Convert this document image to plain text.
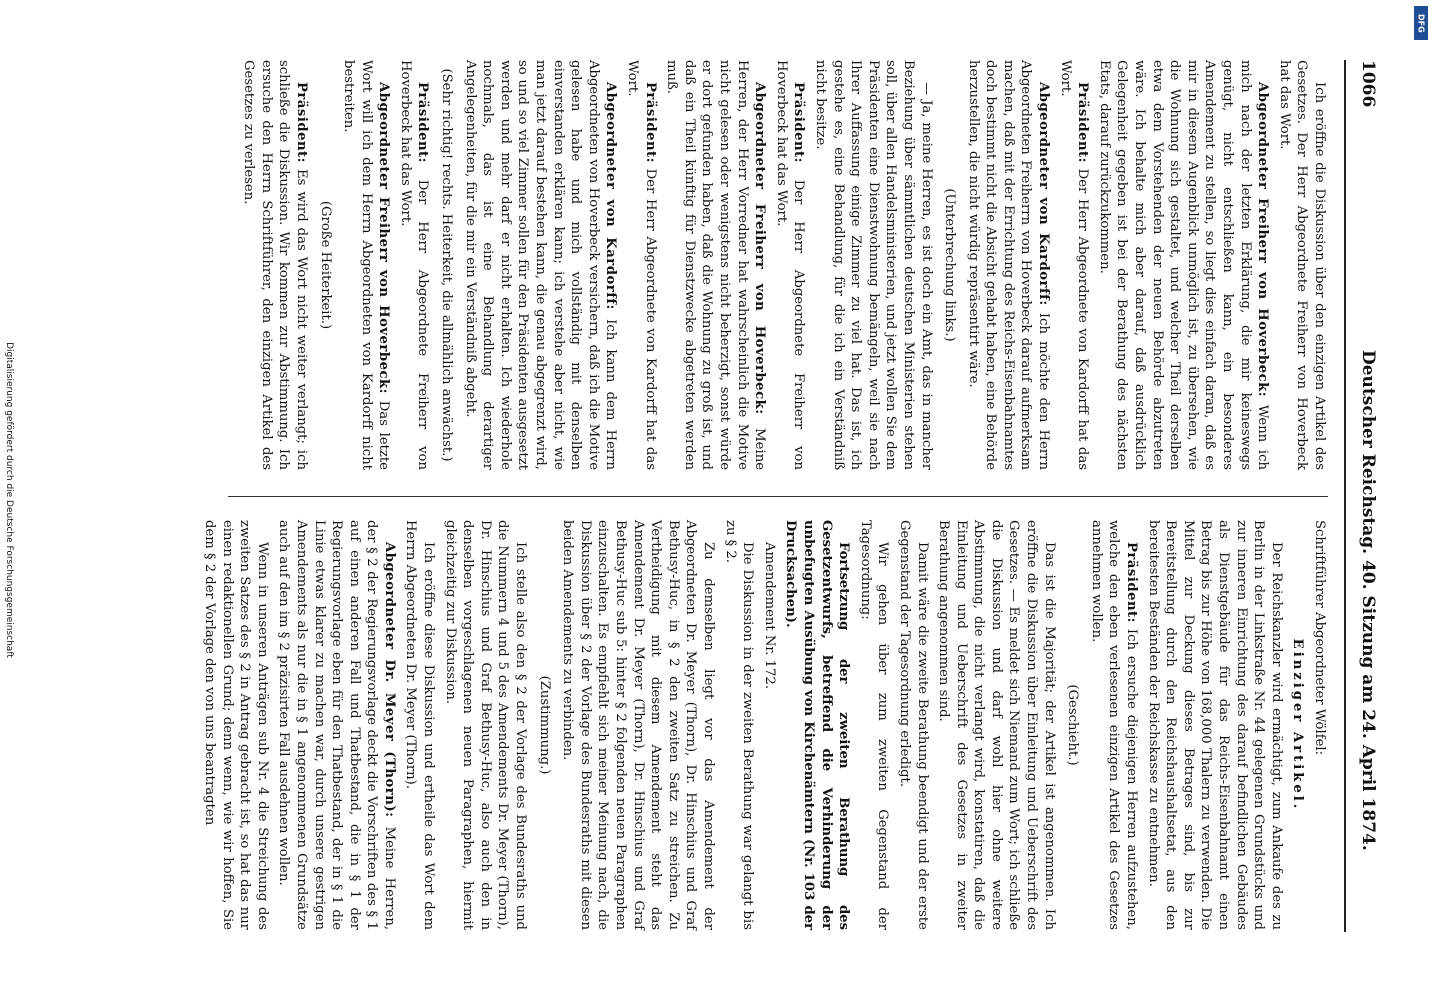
1066
Deutscher Reichstag. 40. Sitzung am 24. April 1874.

Ich eröffne die Diskussion über den einzigen Artikel des Gesetzes. Der Herr Abgeordnete Freiherr von Hoverbeck hat das Wort.

Abgeordneter Freiherr von Hoverbeck: Wenn ich mich nach der letzten Erklärung, die mir keineswegs genügt, nicht entschließen kann, ein besonderes Amendement zu stellen, so liegt dies einfach daran, daß es mir in diesem Augenblick unmöglich ist, zu übersehen, wie die Wohnung sich gestaltet, und welcher Theil derselben etwa dem Vorstehenden der neuen Behörde abzutreten wäre. Ich behalte mich aber darauf, daß ausdrücklich Gelegenheit gegeben ist bei der Berathung des nächsten Etats, darauf zurückzukommen.

Präsident: Der Herr Abgeordnete von Kardorff hat das Wort.

Abgeordneter von Kardorff: Ich möchte den Herrn Abgeordneten Freiherrn von Hoverbeck darauf aufmerksam machen, daß mit der Errichtung des Reichs-Eisenbahnamtes doch bestimmt nicht die Absicht gehabt haben, eine Behörde herzustellen, die nicht würdig repräsentirt wäre.

(Unterbrechung links.)

— Ja, meine Herren, es ist doch ein Amt, das in mancher Beziehung über sämmtlichen deutschen Ministerien stehen soll, über allen Handelsministerien, und jetzt wollen Sie dem Präsidenten eine Dienstwohnung bemängeln, weil sie nach Ihrer Auffassung einige Zimmer zu viel hat. Das ist, ich gestehe es, eine Behandlung, für die ich ein Verständniß nicht besitze.

Präsident: Der Herr Abgeordnete Freiherr von Hoverbeck hat das Wort.

Abgeordneter Freiherr von Hoverbeck: Meine Herren, der Herr Vorredner hat wahrscheinlich die Motive nicht gelesen oder wenigstens nicht beherzigt, sonst würde er dort gefunden haben, daß die Wohnung zu groß ist, und daß ein Theil künftig für Dienstzwecke abgetreten werden muß.

Präsident: Der Herr Abgeordnete von Kardorff hat das Wort.

Abgeordneter von Kardorff: Ich kann dem Herrn Abgeordneten von Hoverbeck versichern, daß ich die Motive gelesen habe und mich vollständig mit denselben einverstanden erklären kann; ich verstehe aber nicht, wie man jetzt darauf bestehen kann, die genau abgegrenzt wird, so und so viel Zimmer sollen für den Präsidenten ausgesetzt werden und mehr darf er nicht erhalten. Ich wiederhole nochmals, das ist eine Behandlung derartiger Angelegenheiten, für die mir ein Verständniß abgeht.

(Sehr richtig! rechts. Heiterkeit, die allmählich anwächst.)

Präsident: Der Herr Abgeordnete Freiherr von Hoverbeck hat das Wort.

Abgeordneter Freiherr von Hoverbeck: Das letzte Wort will ich dem Herrn Abgeordneten von Kardorff nicht bestreiten.

(Große Heiterkeit.)

Präsident: Es wird das Wort nicht weiter verlangt; ich schließe die Diskussion. Wir kommen zur Abstimmung. Ich ersuche den Herrn Schriftführer, den einzigen Artikel des Gesetzes zu verlesen.

Schriftführer Abgeordneter Wölfel:

Einziger Artikel.

Der Reichskanzler wird ermächtigt, zum Ankaufe des zu Berlin in der Linkstraße Nr. 44 gelegenen Grundstücks und zur inneren Einrichtung des darauf befindlichen Gebäudes als Dienstgebäude für das Reichs-Eisenbahnamt einen Betrag bis zur Höhe von 168,000 Thalern zu verwenden. Die Mittel zur Deckung dieses Betrages sind, bis zur Bereitstellung durch den Reichshaushaltsetat, aus den bereitesten Beständen der Reichskasse zu entnehmen.

Präsident: Ich ersuche diejenigen Herren aufzustehen, welche den eben verlesenen einzigen Artikel des Gesetzes annehmen wollen.

(Geschieht.)

Das ist die Majorität; der Artikel ist angenommen. Ich eröffne die Diskussion über Einleitung und Ueberschrift des Gesetzes. — Es meldet sich Niemand zum Wort; ich schließe die Diskussion und darf wohl hier ohne weitere Abstimmung, die nicht verlangt wird, konstatiren, daß die Einleitung und Ueberschrift des Gesetzes in zweiter Berathung angenommen sind.

Damit wäre die zweite Berathung beendigt und der erste Gegenstand der Tagesordnung erledigt.

Wir gehen über zum zweiten Gegenstand der Tagesordnung:

Fortsetzung der zweiten Berathung des Gesetzentwurfs, betreffend die Verhinderung der unbefugten Ausübung von Kirchenämtern (Nr. 103 der Drucksachen).

Amendement Nr. 172.

Die Diskussion in der zweiten Berathung war gelangt bis zu § 2.

Zu demselben liegt vor das Amendement der Abgeordneten Dr. Meyer (Thorn), Dr. Hinschius und Graf Bethusy-Huc, in § 2 den zweiten Satz zu streichen. Zu Vertheidigung mit diesem Amendement steht das Amendement Dr. Meyer (Thorn), Dr. Hinschius und Graf Bethusy-Huc sub 5: hinter § 2 folgenden neuen Paragraphen einzuschalten. Es empfiehlt sich meiner Meinung nach, die Diskussion über § 2 der Vorlage des Bundesraths mit diesen beiden Amendements zu verbinden.

(Zustimmung.)

Ich stelle also den § 2 der Vorlage des Bundesraths und die Nummern 4 und 5 des Amendements Dr. Meyer (Thorn), Dr. Hinschius und Graf Bethusy-Huc, also auch den in denselben vorgeschlagenen neuen Paragraphen, hiermit gleichzeitig zur Diskussion.

Ich eröffne diese Diskussion und ertheile das Wort dem Herrn Abgeordneten Dr. Meyer (Thorn).

Abgeordneter Dr. Meyer (Thorn): Meine Herren, der § 2 der Regierungsvorlage deckt die Vorschriften des § 1 auf einen anderen Fall und Thatbestand, die in § 1 der Regierungsvorlage eben für den Thatbestand, der in § 1 die Linie etwas klarer zu machen war, durch unsere gestrigen Amendements als nur die in § 1 angenommenen Grundsätze auch auf den im § 2 präzisirten Fall ausdehnen wollen.

Wenn in unseren Anträgen sub Nr. 4 die Streichung des zweiten Satzes des § 2 in Antrag gebracht ist, so hat das nur einen redaktionellen Grund; denn wenn, wie wir hoffen, Sie dem § 2 der Vorlage den von uns beantragten

Digitalisierung gefördert durch die Deutsche Forschungsgemeinschaft
DFG
